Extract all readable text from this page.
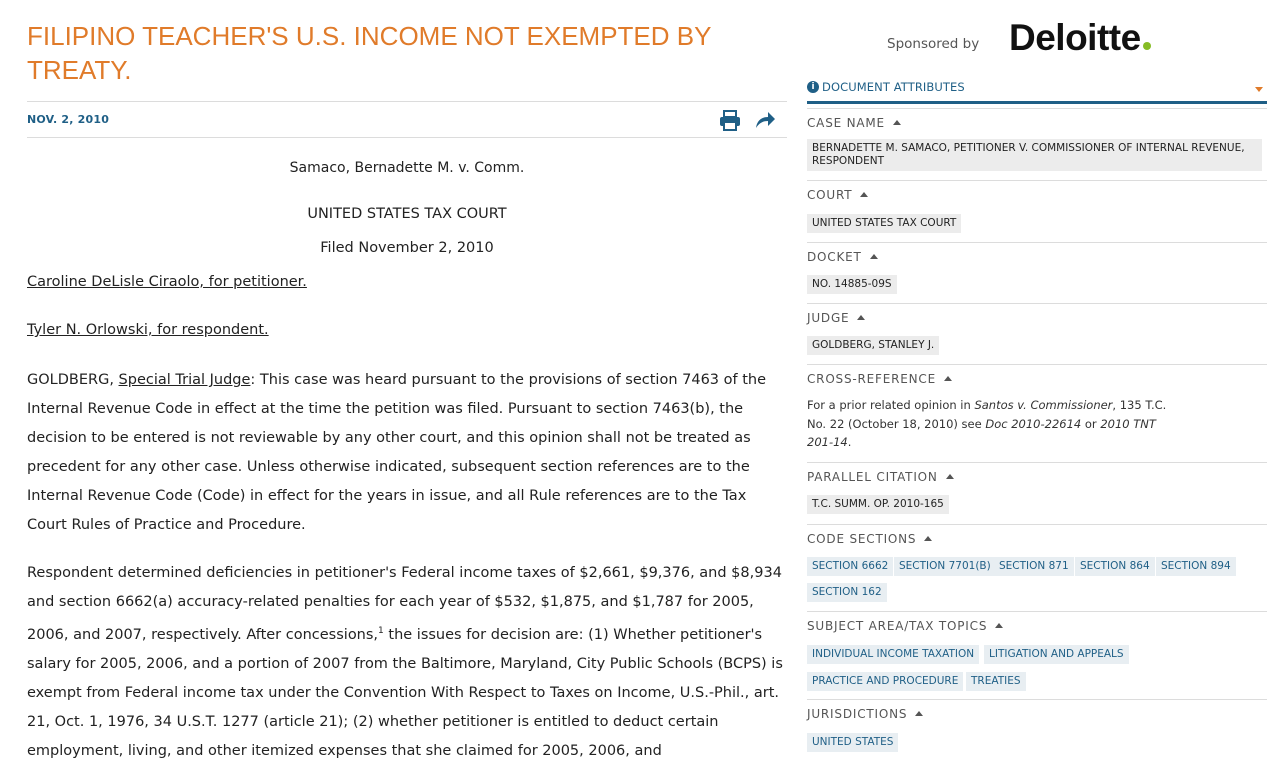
FILIPINO TEACHER'S U.S. INCOME NOT EXEMPTED BY TREATY.
NOV. 2, 2010
Samaco, Bernadette M. v. Comm.
UNITED STATES TAX COURT
Filed November 2, 2010
Caroline DeLisle Ciraolo, for petitioner.
Tyler N. Orlowski, for respondent.

GOLDBERG, Special Trial Judge: This case was heard pursuant to the provisions of section 7463 of the Internal Revenue Code in effect at the time the petition was filed. Pursuant to section 7463(b), the decision to be entered is not reviewable by any other court, and this opinion shall not be treated as precedent for any other case. Unless otherwise indicated, subsequent section references are to the Internal Revenue Code (Code) in effect for the years in issue, and all Rule references are to the Tax Court Rules of Practice and Procedure.

Respondent determined deficiencies in petitioner's Federal income taxes of $2,661, $9,376, and $8,934 and section 6662(a) accuracy-related penalties for each year of $532, $1,875, and $1,787 for 2005, 2006, and 2007, respectively. After concessions,$^1$ the issues for decision are: (1) Whether petitioner's salary for 2005, 2006, and a portion of 2007 from the Baltimore, Maryland, City Public Schools (BCPS) is exempt from Federal income tax under the Convention With Respect to Taxes on Income, U.S.-Phil., art. 21, Oct. 1, 1976, 34 U.S.T. 1277 (article 21); (2) whether petitioner is entitled to deduct certain employment, living, and other itemized expenses that she claimed for 2005, 2006, and

Sponsored by Deloitte
i DOCUMENT ATTRIBUTES
CASE NAME
BERNADETTE M. SAMACO, PETITIONER V. COMMISSIONER OF INTERNAL REVENUE, RESPONDENT
COURT
UNITED STATES TAX COURT
DOCKET
NO. 14885-09S
JUDGE
GOLDBERG, STANLEY J.
CROSS-REFERENCE
For a prior related opinion in Santos v. Commissioner, 135 T.C. No. 22 (October 18, 2010) see Doc 2010-22614 or 2010 TNT 201-14.
PARALLEL CITATION
T.C. SUMM. OP. 2010-165
CODE SECTIONS
SECTION 6662	SECTION 7701(B) SECTION 871	SECTION 864	SECTION 894
SECTION 162
SUBJECT AREA/TAX TOPICS
INDIVIDUAL INCOME TAXATION	LITIGATION AND APPEALS
PRACTICE AND PROCEDURE	TREATIES
JURISDICTIONS
UNITED STATES
